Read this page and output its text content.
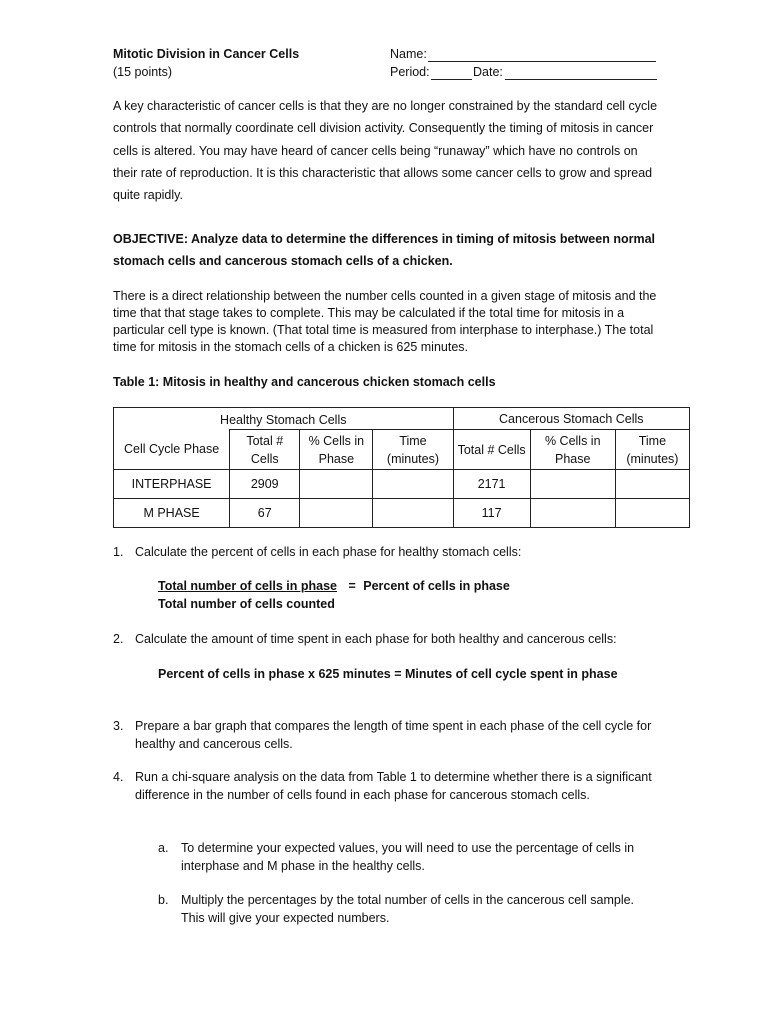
Mitotic Division in Cancer Cells
(15 points)
Name:
Period:	Date:

A key characteristic of cancer cells is that they are no longer constrained by the standard cell cycle controls that normally coordinate cell division activity. Consequently the timing of mitosis in cancer cells is altered. You may have heard of cancer cells being “runaway” which have no controls on their rate of reproduction. It is this characteristic that allows some cancer cells to grow and spread quite rapidly.

OBJECTIVE: Analyze data to determine the differences in timing of mitosis between normal stomach cells and cancerous stomach cells of a chicken.

There is a direct relationship between the number cells counted in a given stage of mitosis and the time that that stage takes to complete. This may be calculated if the total time for mitosis in a particular cell type is known. (That total time is measured from interphase to interphase.) The total time for mitosis in the stomach cells of a chicken is 625 minutes.

Table 1: Mitosis in healthy and cancerous chicken stomach cells
Healthy Stomach Cells				Cancerous Stomach Cells		
Cell Cycle Phase	Total # Cells	% Cells in Phase	Time (minutes)	Total # Cells	% Cells in Phase	Time (minutes)
INTERPHASE	2909			2171		
M PHASE	67			117		
1. Calculate the percent of cells in each phase for healthy stomach cells:
Total number of cells in phase = Percent of cells in phase
Total number of cells counted
2. Calculate the amount of time spent in each phase for both healthy and cancerous cells:
Percent of cells in phase x 625 minutes = Minutes of cell cycle spent in phase
3. Prepare a bar graph that compares the length of time spent in each phase of the cell cycle for healthy and cancerous cells.
4. Run a chi-square analysis on the data from Table 1 to determine whether there is a significant difference in the number of cells found in each phase for cancerous stomach cells.
a. To determine your expected values, you will need to use the percentage of cells in interphase and M phase in the healthy cells.
b. Multiply the percentages by the total number of cells in the cancerous cell sample. This will give your expected numbers.
